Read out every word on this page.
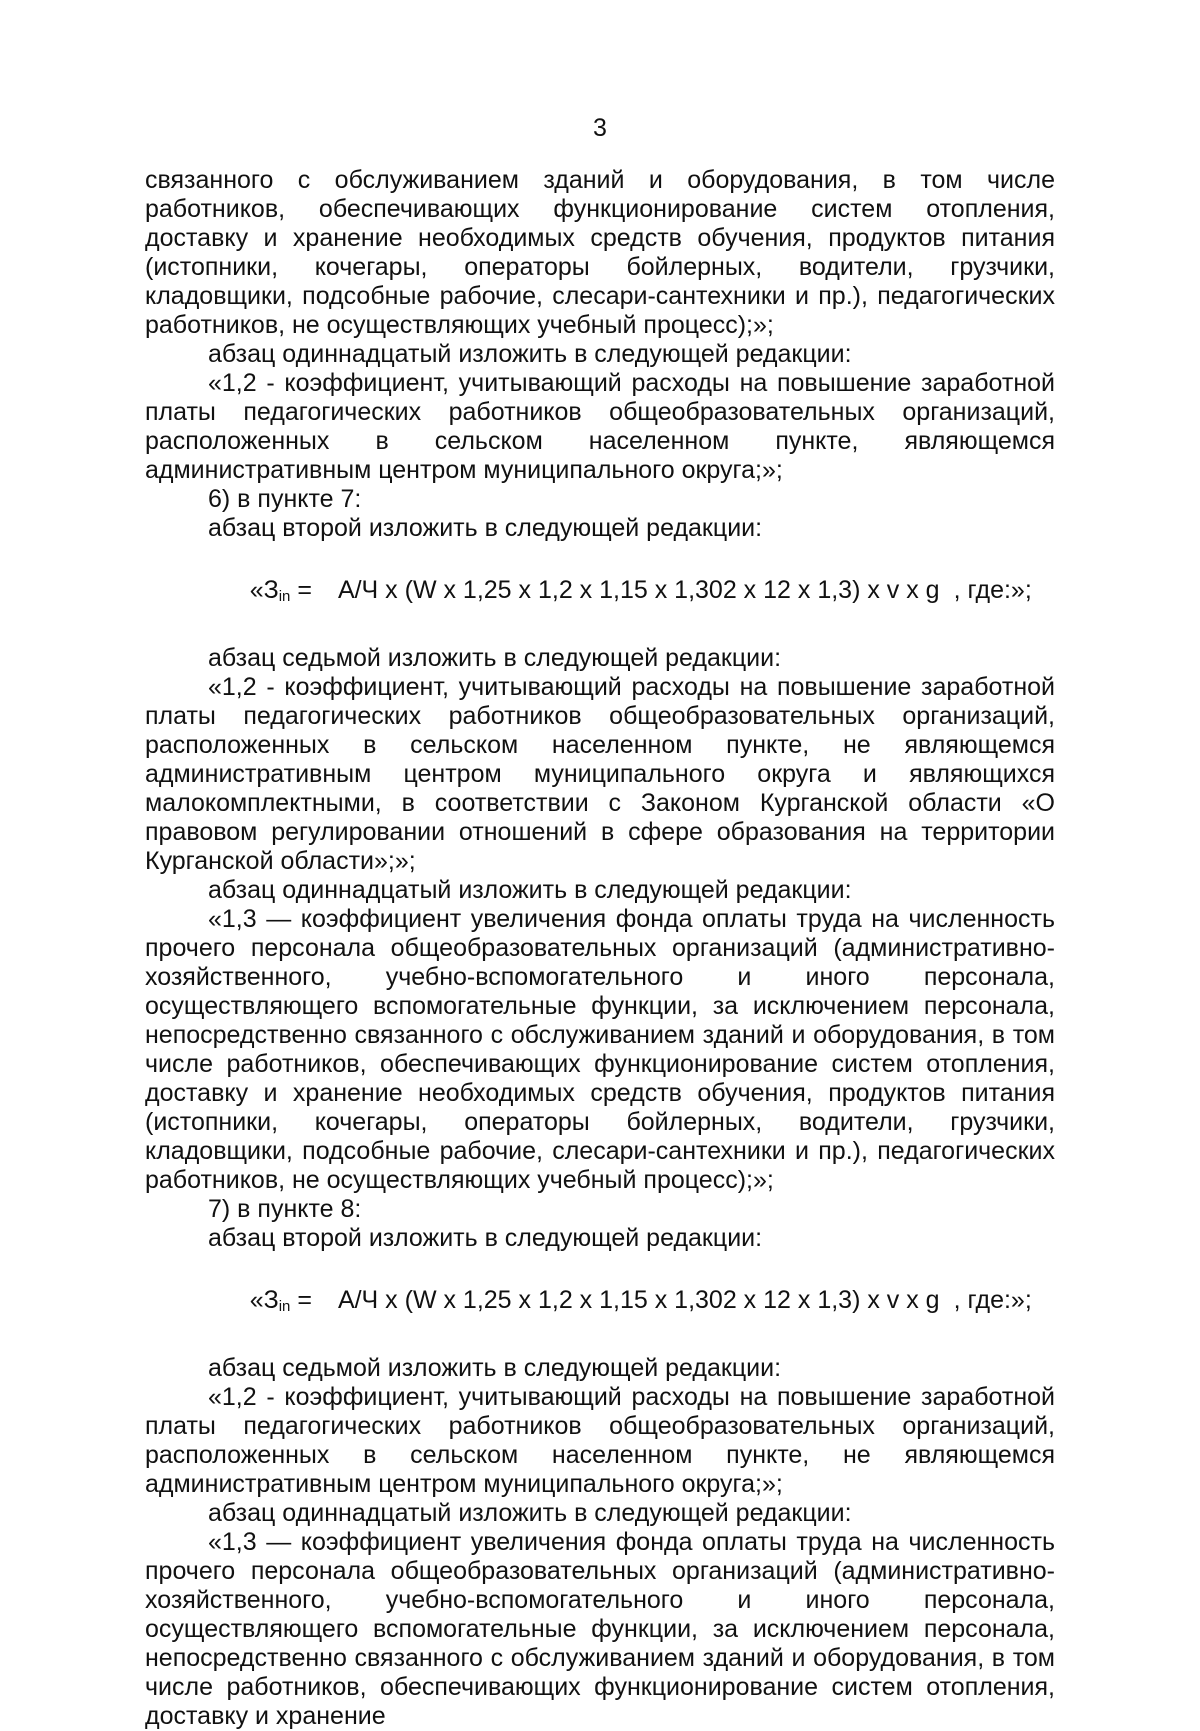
3

связанного с обслуживанием зданий и оборудования, в том числе работников, обеспечивающих функционирование систем отопления, доставку и хранение необходимых средств обучения, продуктов питания (истопники, кочегары, операторы бойлерных, водители, грузчики, кладовщики, подсобные рабочие, слесари-сантехники и пр.), педагогических работников, не осуществляющих учебный процесс);»;

абзац одиннадцатый изложить в следующей редакции:

«1,2 - коэффициент, учитывающий расходы на повышение заработной платы педагогических работников общеобразовательных организаций, расположенных в сельском населенном пункте, являющемся административным центром муниципального округа;»;

6) в пункте 7:

абзац второй изложить в следующей редакции:

«$З_{in} = А/Ч$ х (W х 1,25 х 1,2 х 1,15 х 1,302 х 12 х 1,3) х v х g , где:»;

абзац седьмой изложить в следующей редакции:

«1,2 - коэффициент, учитывающий расходы на повышение заработной платы педагогических работников общеобразовательных организаций, расположенных в сельском населенном пункте, не являющемся административным центром муниципального округа и являющихся малокомплектными, в соответствии с Законом Курганской области «О правовом регулировании отношений в сфере образования на территории Курганской области»;»;

абзац одиннадцатый изложить в следующей редакции:

«1,3 — коэффициент увеличения фонда оплаты труда на численность прочего персонала общеобразовательных организаций (административно-хозяйственного, учебно-вспомогательного и иного персонала, осуществляющего вспомогательные функции, за исключением персонала, непосредственно связанного с обслуживанием зданий и оборудования, в том числе работников, обеспечивающих функционирование систем отопления, доставку и хранение необходимых средств обучения, продуктов питания (истопники, кочегары, операторы бойлерных, водители, грузчики, кладовщики, подсобные рабочие, слесари-сантехники и пр.), педагогических работников, не осуществляющих учебный процесс);»;

7) в пункте 8:

абзац второй изложить в следующей редакции:

«$З_{in} = А/Ч$ х (W х 1,25 х 1,2 х 1,15 х 1,302 х 12 х 1,3) х v х g , где:»;

абзац седьмой изложить в следующей редакции:

«1,2 - коэффициент, учитывающий расходы на повышение заработной платы педагогических работников общеобразовательных организаций, расположенных в сельском населенном пункте, не являющемся административным центром муниципального округа;»;

абзац одиннадцатый изложить в следующей редакции:

«1,3 — коэффициент увеличения фонда оплаты труда на численность прочего персонала общеобразовательных организаций (административно-хозяйственного, учебно-вспомогательного и иного персонала, осуществляющего вспомогательные функции, за исключением персонала, непосредственно связанного с обслуживанием зданий и оборудования, в том числе работников, обеспечивающих функционирование систем отопления, доставку и хранение
